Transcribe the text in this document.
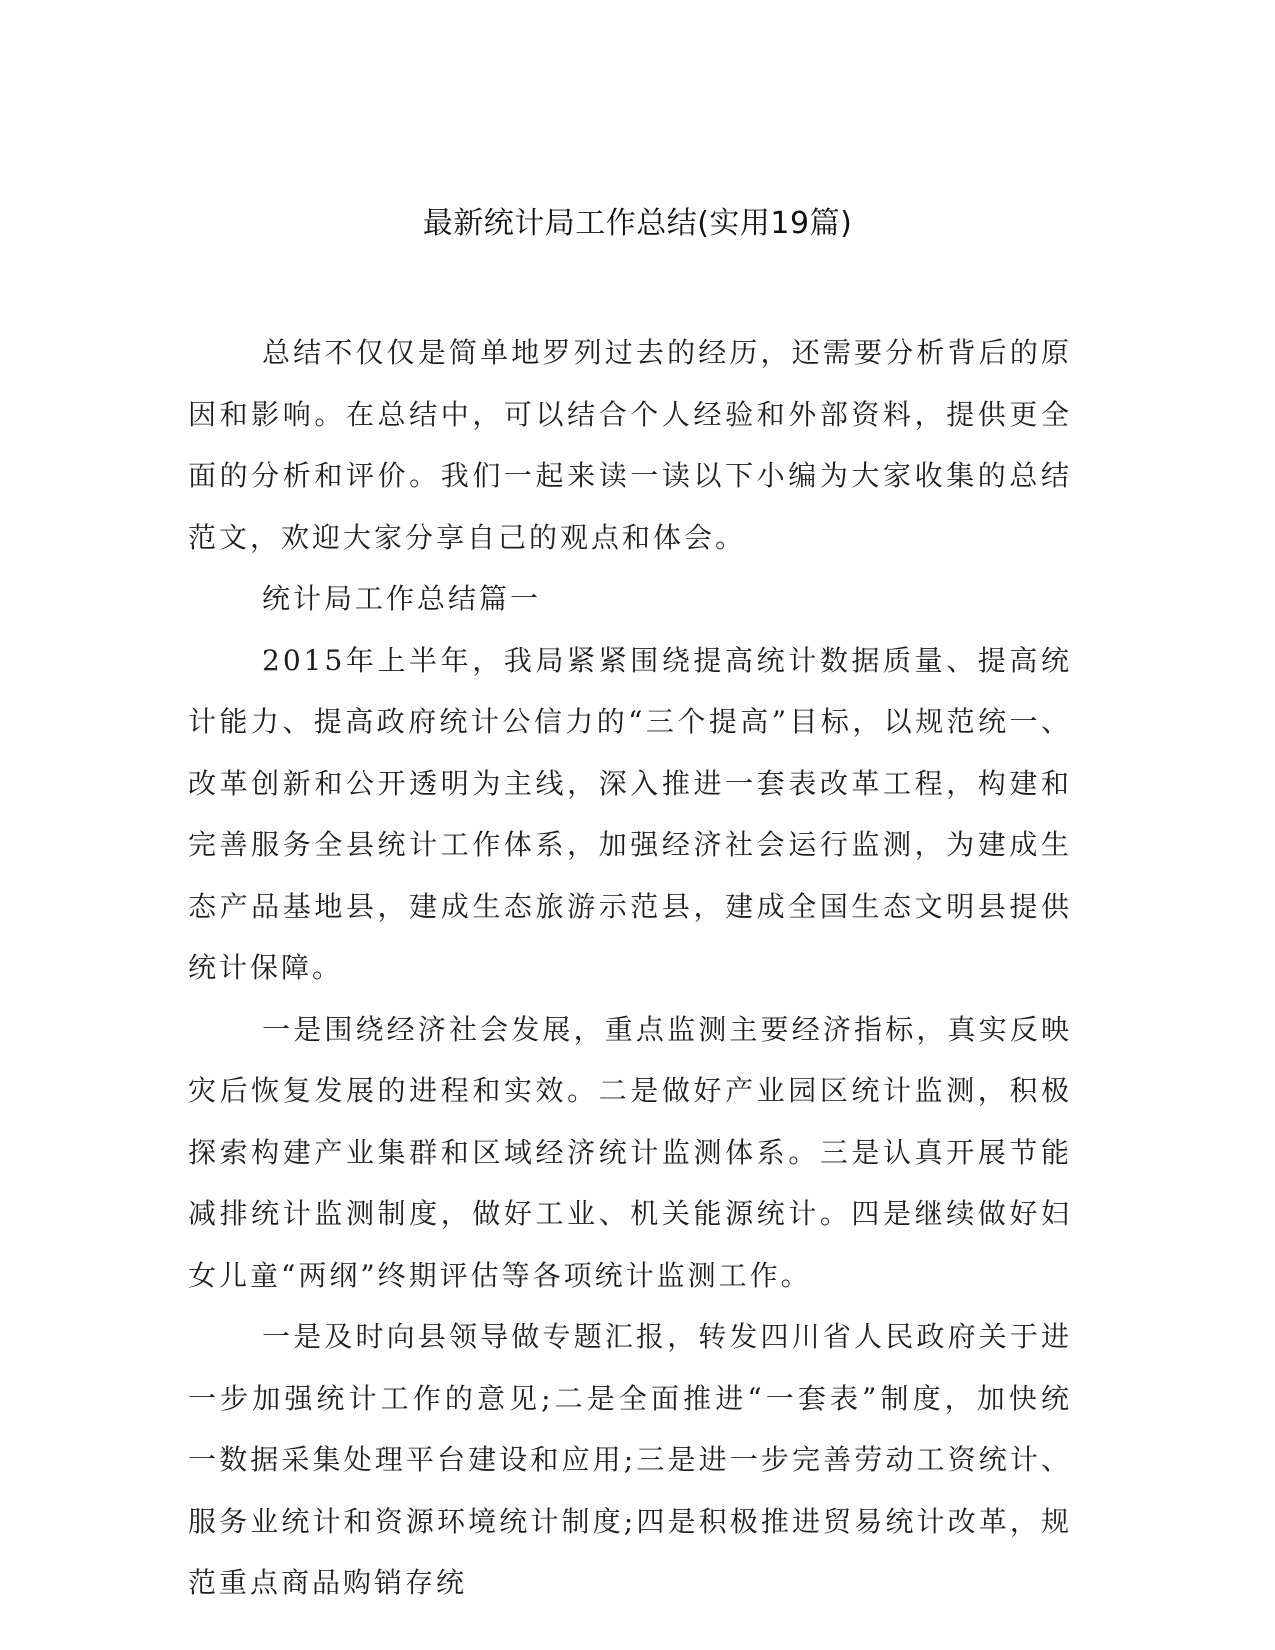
最新统计局工作总结(实用19篇)

总结不仅仅是简单地罗列过去的经历，还需要分析背后的原因和影响。在总结中，可以结合个人经验和外部资料，提供更全面的分析和评价。我们一起来读一读以下小编为大家收集的总结范文，欢迎大家分享自己的观点和体会。

统计局工作总结篇一

2015年上半年，我局紧紧围绕提高统计数据质量、提高统计能力、提高政府统计公信力的“三个提高”目标，以规范统一、改革创新和公开透明为主线，深入推进一套表改革工程，构建和完善服务全县统计工作体系，加强经济社会运行监测，为建成生态产品基地县，建成生态旅游示范县，建成全国生态文明县提供统计保障。

一是围绕经济社会发展，重点监测主要经济指标，真实反映灾后恢复发展的进程和实效。二是做好产业园区统计监测，积极探索构建产业集群和区域经济统计监测体系。三是认真开展节能减排统计监测制度，做好工业、机关能源统计。四是继续做好妇女儿童“两纲”终期评估等各项统计监测工作。

一是及时向县领导做专题汇报，转发四川省人民政府关于进一步加强统计工作的意见;二是全面推进“一套表”制度，加快统一数据采集处理平台建设和应用;三是进一步完善劳动工资统计、服务业统计和资源环境统计制度;四是积极推进贸易统计改革，规范重点商品购销存统
